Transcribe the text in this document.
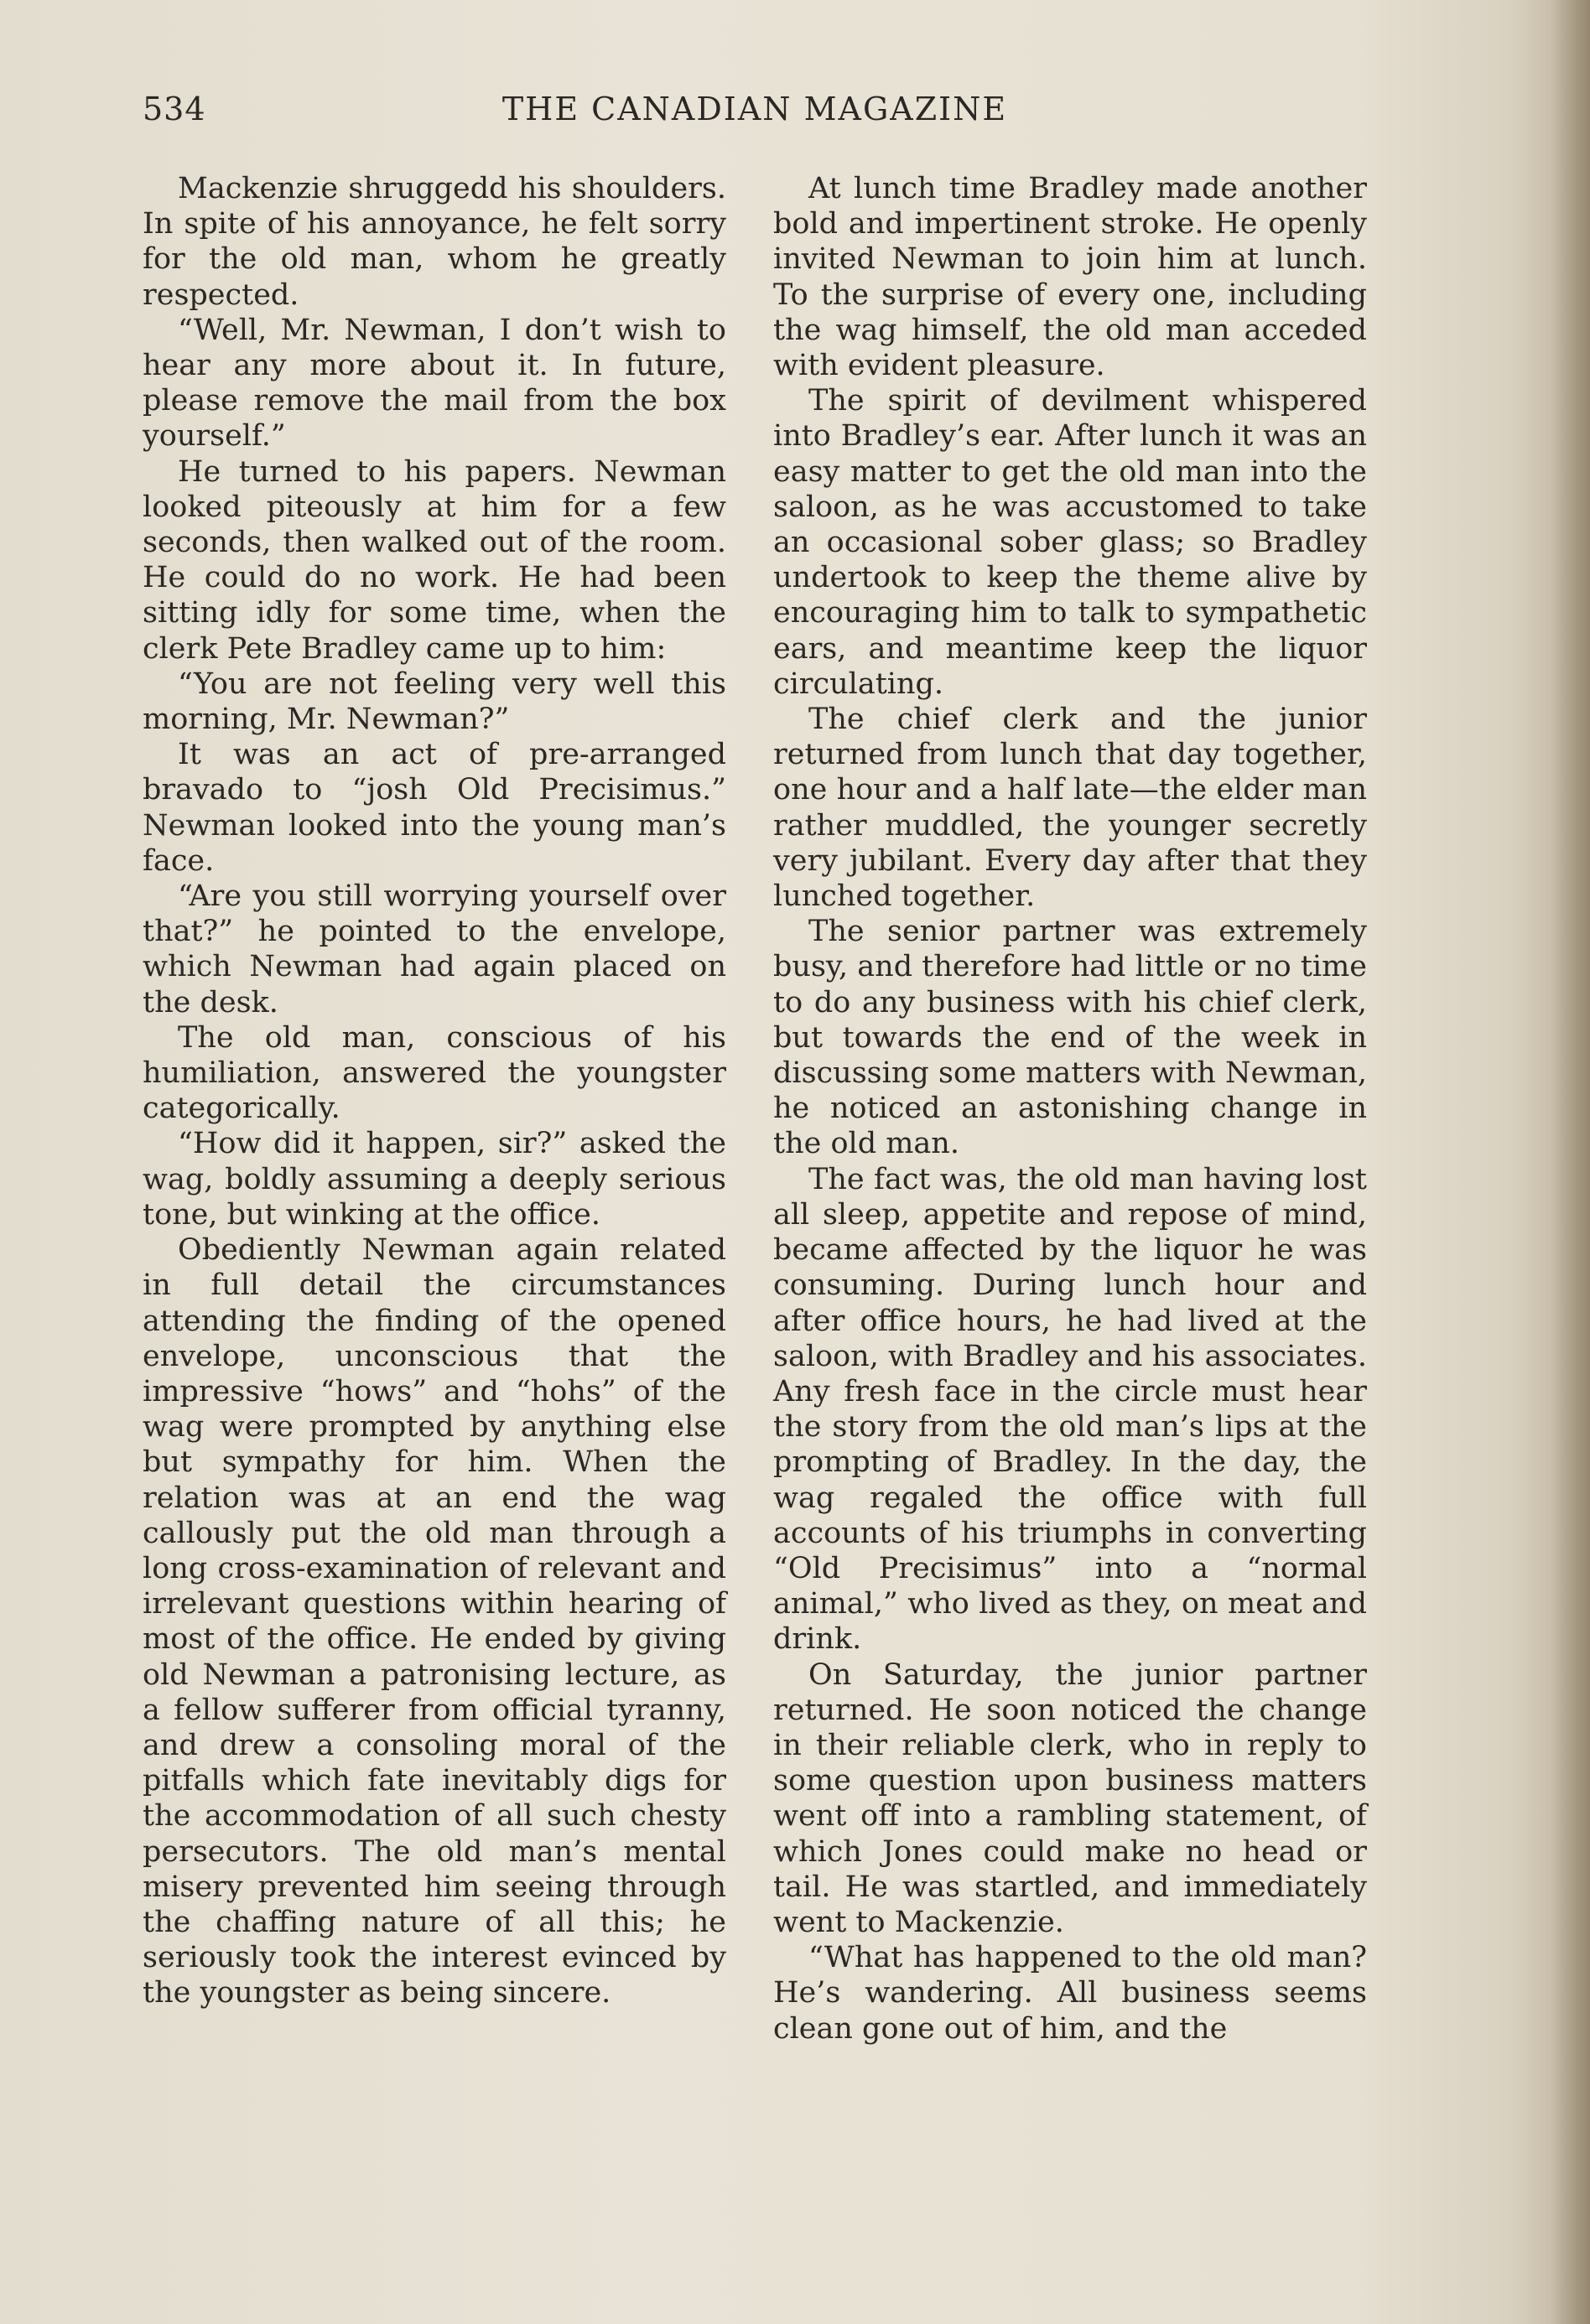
534	THE CANADIAN MAGAZINE

Mackenzie shruggedd his shoulders. In spite of his annoyance, he felt sorry for the old man, whom he greatly respected.

“Well, Mr. Newman, I don’t wish to hear any more about it. In future, please remove the mail from the box yourself.”

He turned to his papers. Newman looked piteously at him for a few seconds, then walked out of the room. He could do no work. He had been sitting idly for some time, when the clerk Pete Bradley came up to him:

“You are not feeling very well this morning, Mr. Newman?”

It was an act of pre-arranged bravado to “josh Old Precisimus.” Newman looked into the young man’s face.

“Are you still worrying yourself over that?” he pointed to the envelope, which Newman had again placed on the desk.

The old man, conscious of his humiliation, answered the youngster categorically.

“How did it happen, sir?” asked the wag, boldly assuming a deeply serious tone, but winking at the office.

Obediently Newman again related in full detail the circumstances attending the finding of the opened envelope, unconscious that the impressive “hows” and “hohs” of the wag were prompted by anything else but sympathy for him. When the relation was at an end the wag callously put the old man through a long cross-examination of relevant and irrelevant questions within hearing of most of the office. He ended by giving old Newman a patronising lecture, as a fellow sufferer from official tyranny, and drew a consoling moral of the pitfalls which fate inevitably digs for the accommodation of all such chesty persecutors. The old man’s mental misery prevented him seeing through the chaffing nature of all this; he seriously took the interest evinced by the youngster as being sincere.

At lunch time Bradley made another bold and impertinent stroke. He openly invited Newman to join him at lunch. To the surprise of every one, including the wag himself, the old man acceded with evident pleasure.

The spirit of devilment whispered into Bradley’s ear. After lunch it was an easy matter to get the old man into the saloon, as he was accustomed to take an occasional sober glass; so Bradley undertook to keep the theme alive by encouraging him to talk to sympathetic ears, and meantime keep the liquor circulating.

The chief clerk and the junior returned from lunch that day together, one hour and a half late—the elder man rather muddled, the younger secretly very jubilant. Every day after that they lunched together.

The senior partner was extremely busy, and therefore had little or no time to do any business with his chief clerk, but towards the end of the week in discussing some matters with Newman, he noticed an astonishing change in the old man.

The fact was, the old man having lost all sleep, appetite and repose of mind, became affected by the liquor he was consuming. During lunch hour and after office hours, he had lived at the saloon, with Bradley and his associates. Any fresh face in the circle must hear the story from the old man’s lips at the prompting of Bradley. In the day, the wag regaled the office with full accounts of his triumphs in converting “Old Precisimus” into a “normal animal,” who lived as they, on meat and drink.

On Saturday, the junior partner returned. He soon noticed the change in their reliable clerk, who in reply to some question upon business matters went off into a rambling statement, of which Jones could make no head or tail. He was startled, and immediately went to Mackenzie.

“What has happened to the old man? He’s wandering. All business seems clean gone out of him, and the
